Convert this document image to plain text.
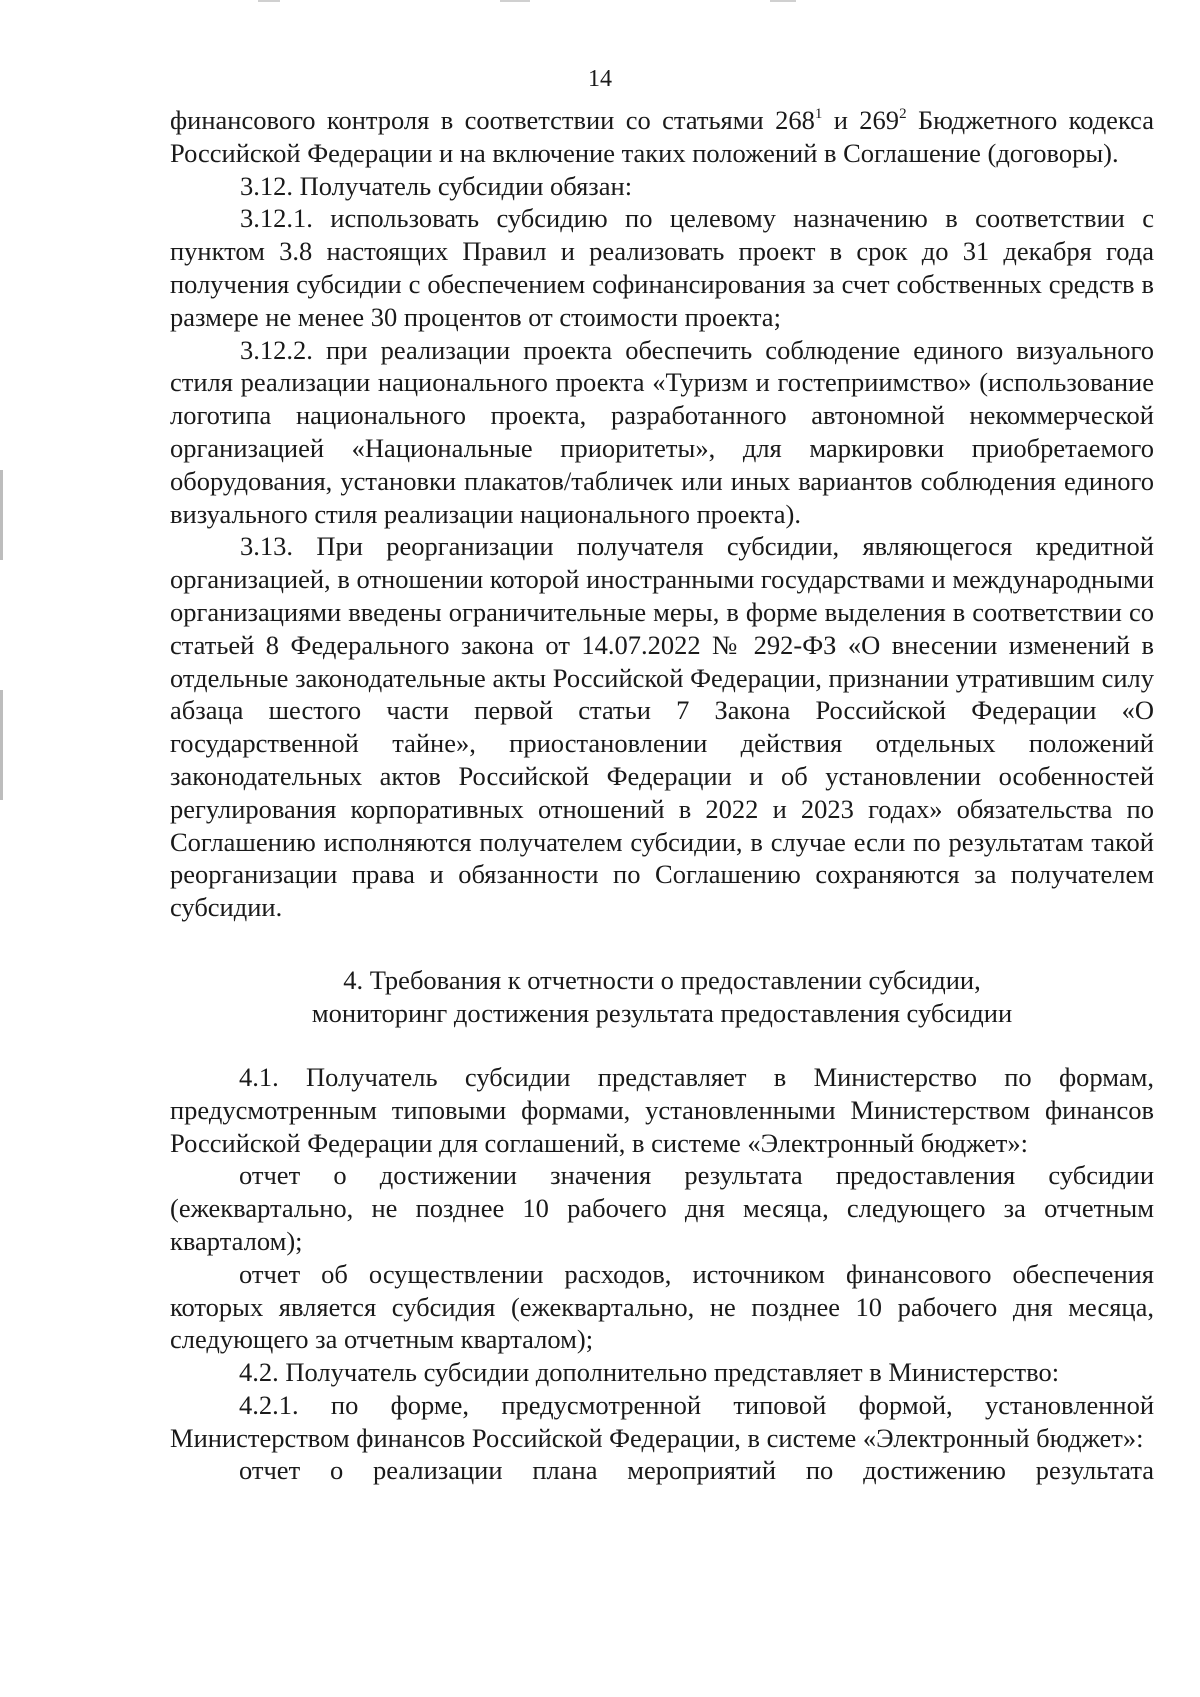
14

финансового контроля в соответствии со статьями $268^1$ и $269^2$ Бюджетного кодекса Российской Федерации и на включение таких положений в Соглашение (договоры).

3.12. Получатель субсидии обязан:

3.12.1. использовать субсидию по целевому назначению в соответствии с пунктом 3.8 настоящих Правил и реализовать проект в срок до 31 декабря года получения субсидии с обеспечением софинансирования за счет собственных средств в размере не менее 30 процентов от стоимости проекта;

3.12.2. при реализации проекта обеспечить соблюдение единого визуального стиля реализации национального проекта «Туризм и гостеприимство» (использование логотипа национального проекта, разработанного автономной некоммерческой организацией «Национальные приоритеты», для маркировки приобретаемого оборудования, установки плакатов/табличек или иных вариантов соблюдения единого визуального стиля реализации национального проекта).

3.13. При реорганизации получателя субсидии, являющегося кредитной организацией, в отношении которой иностранными государствами и международными организациями введены ограничительные меры, в форме выделения в соответствии со статьей 8 Федерального закона от 14.07.2022 № 292-ФЗ «О внесении изменений в отдельные законодательные акты Российской Федерации, признании утратившим силу абзаца шестого части первой статьи 7 Закона Российской Федерации «О государственной тайне», приостановлении действия отдельных положений законодательных актов Российской Федерации и об установлении особенностей регулирования корпоративных отношений в 2022 и 2023 годах» обязательства по Соглашению исполняются получателем субсидии, в случае если по результатам такой реорганизации права и обязанности по Соглашению сохраняются за получателем субсидии.

4. Требования к отчетности о предоставлении субсидии,
мониторинг достижения результата предоставления субсидии

4.1. Получатель субсидии представляет в Министерство по формам, предусмотренным типовыми формами, установленными Министерством финансов Российской Федерации для соглашений, в системе «Электронный бюджет»:

отчет о достижении значения результата предоставления субсидии (ежеквартально, не позднее 10 рабочего дня месяца, следующего за отчетным кварталом);

отчет об осуществлении расходов, источником финансового обеспечения которых является субсидия (ежеквартально, не позднее 10 рабочего дня месяца, следующего за отчетным кварталом);

4.2. Получатель субсидии дополнительно представляет в Министерство:

4.2.1. по форме, предусмотренной типовой формой, установленной Министерством финансов Российской Федерации, в системе «Электронный бюджет»:

отчет о реализации плана мероприятий по достижению результата
